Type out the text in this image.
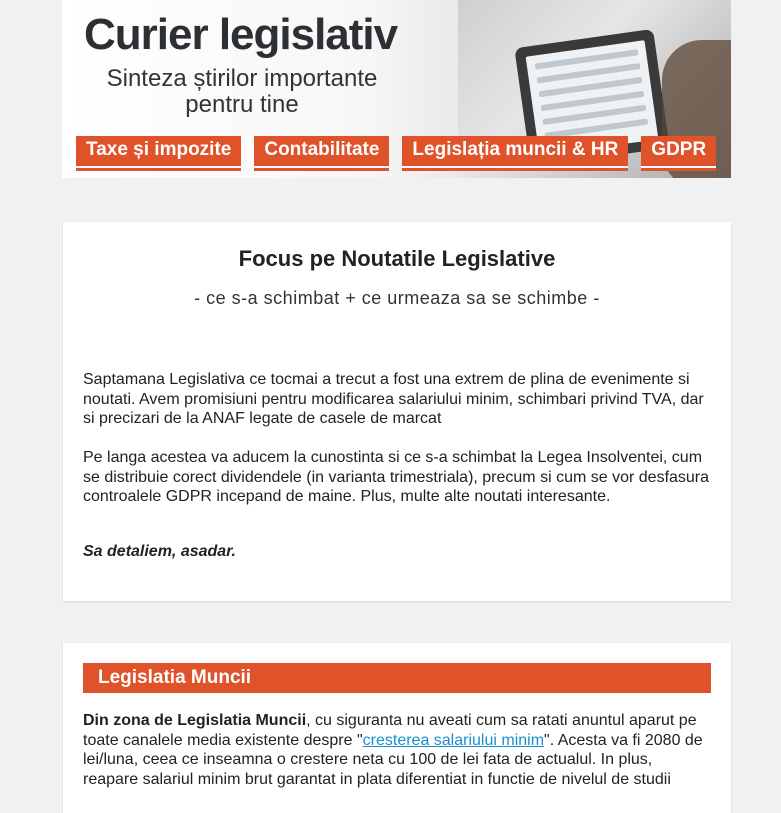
Curier legislativ

Sinteza știrilor importante pentru tine

Taxe și impozite	Contabilitate	Legislația muncii & HR	GDPR
Focus pe Noutatile Legislative

- ce s-a schimbat + ce urmeaza sa se schimbe -

Saptamana Legislativa ce tocmai a trecut a fost una extrem de plina de evenimente si noutati. Avem promisiuni pentru modificarea salariului minim, schimbari privind TVA, dar si precizari de la ANAF legate de casele de marcat

Pe langa acestea va aducem la cunostinta si ce s-a schimbat la Legea Insolventei, cum se distribuie corect dividendele (in varianta trimestriala), precum si cum se vor desfasura controalele GDPR incepand de maine. Plus, multe alte noutati interesante.

Sa detaliem, asadar.

Legislatia Muncii

Din zona de Legislatia Muncii, cu siguranta nu aveati cum sa ratati anuntul aparut pe toate canalele media existente despre "cresterea salariului minim". Acesta va fi 2080 de lei/luna, ceea ce inseamna o crestere neta cu 100 de lei fata de actualul. In plus, reapare salariul minim brut garantat in plata diferentiat in functie de nivelul de studii
